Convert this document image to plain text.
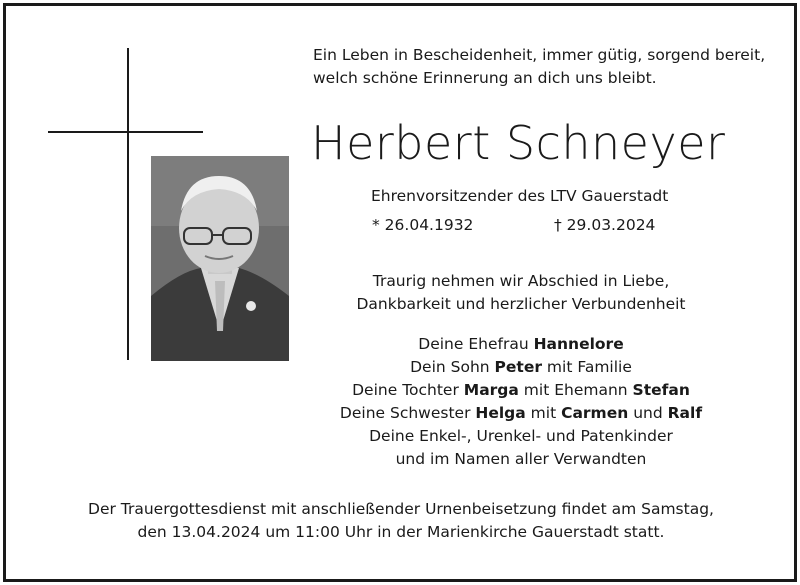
Ein Leben in Bescheidenheit, immer gütig, sorgend bereit,
welch schöne Erinnerung an dich uns bleibt.
Herbert Schneyer
Ehrenvorsitzender des LTV Gauerstadt
* 26.04.1932	† 29.03.2024
Traurig nehmen wir Abschied in Liebe,
Dankbarkeit und herzlicher Verbundenheit
Deine Ehefrau Hannelore
Dein Sohn Peter mit Familie
Deine Tochter Marga mit Ehemann Stefan
Deine Schwester Helga mit Carmen und Ralf
Deine Enkel-, Urenkel- und Patenkinder
und im Namen aller Verwandten
Der Trauergottesdienst mit anschließender Urnenbeisetzung findet am Samstag,
den 13.04.2024 um 11:00 Uhr in der Marienkirche Gauerstadt statt.
